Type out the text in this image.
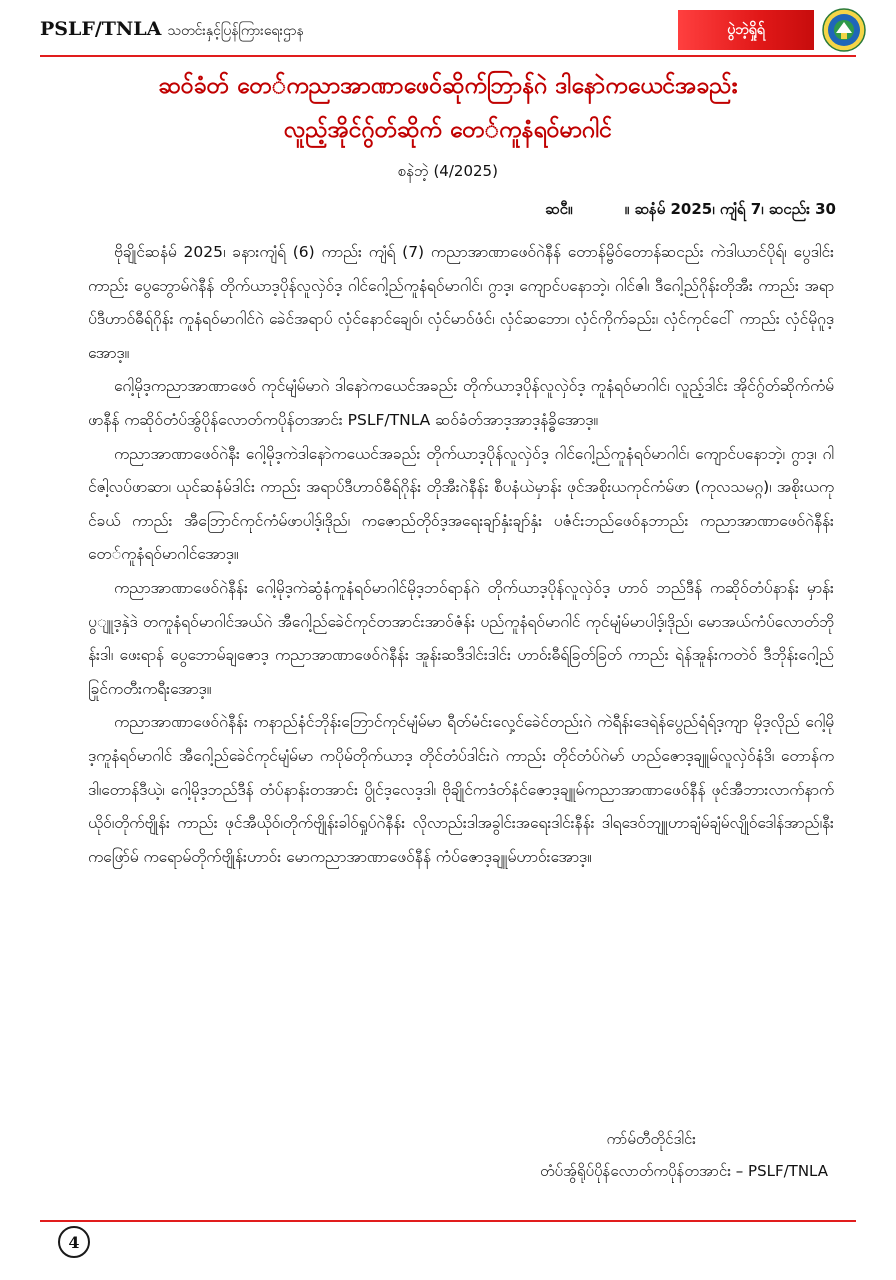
PSLF/TNLA သတင်းနှင့်ပြန်ကြားရေးဌာန	ပွဲဘဲ့ရှိုရ်
ဆဝ်ခံတ် တေ်ကညာအာဏာဖေဝ်ဆိုက်ဘြာန်ဂဲ ဒါနောဲကယေင်အခည်း
လူည့်အိုင်ဂွ်တ်ဆိုက် တေ်ကူနံရဝ်မာဂါင်
စနဲဘဲ့ (4/2025)
ဆငီ။          ။ ဆနံမ် 2025၊ ကျံရ် 7၊ ဆငည်း 30

ဗိုချိုင်ဆနံမ် 2025၊ ခနားကျံရ် (6) ကာည်း ကျံရ် (7) ကညာအာဏာဖေဝ်ဂဲနီန် တောန်မ္ဗိဝ်တောန်ဆငည်း ကဲဒါယာင်ပိုရ်၊ ပွေဒါင်း ကာည်း ပွေဘွောမ်ဂဲနီန် တိုက်ယာဒ့ပိုန်လူလှဲဝ်ဒ့ ဂါင်ဂေါ့ည်ကူနံရဝ်မာဂါင်၊ ဂွာဒ့၊ ကျောင်ပနောဘဲ့၊ ဂါင်ဇါ၊ ဒီဂေါ့ည်ဂိုန်းတိုအီး ကာည်း အရာပ်ဒီဟာဝ်ဓီရ်ဂိုန်း ကူနံရဝ်မာဂါင်ဂဲ ခေဲင်အရာပ် လှံင်နောင်ချေဝ်၊ လှံင်မာဝ်ဖံင်၊ လှံင်ဆဘော၊ လှံင်ကိုက်ခည်း၊ လှံင်ကုင်ငေါ် ကာည်း လှံင်မိုဂူဒ့အောဒ့။

ဂေါ့မိုဒ့ကညာအာဏာဖေဝ် ကုင်မျံမ်မာဂဲ ဒါနောဲကယေင်အခည်း တိုက်ယာဒ့ပိုန်လူလှဲဝ်ဒ့ ကူနံရဝ်မာဂါင်၊ လူည့်ဒါင်း အိုင်ဂွ်တ်ဆိုက်ကံမ်ဖာနီန် ကဆိုဝ်တံပ်အွ်ပိုန်လောတ်ကပိုန်တအာင်း PSLF/TNLA ဆဝ်ခံတ်အာဒ့အာဒ့နံခ္ဓိအောဒ့။

ကညာအာဏာဖေဝ်ဂဲနီး ဂေါ့မိုဒ့ကဲဒါနောဲကယေင်အခည်း တိုက်ယာဒ့ပိုန်လူလှဲဝ်ဒ့ ဂါင်ဂေါ့ည်ကူနံရဝ်မာဂါင်၊ ကျောင်ပနောဘဲ့၊ ဂွာဒ့၊ ဂါင်ဇါ့လပ်ဖာဆာ၊ ယုင်ဆနံမ်ဒါင်း ကာည်း အရာပ်ဒီဟာဝ်ဓီရ်ဂိုန်း တိုအီးဂဲနီန်း စီပနံယဲမှာန်း ဖုင်အစိုးယကုင်ကံမ်ဖာ (ကုလသမဂ္ဂ)၊ အစိုးယကုင်ခယ် ကာည်း အီဘြောင်ကုင်ကံမ်ဖာပါဒ့်၊ဒိုည်၊ ကဇောည်တိုဝ်ဒ့အရေးချာ်နှံးချာ်နှံး ပဇံင်းဘည်ဖေဝ်နဘာည်း ကညာအာဏာဖေဝ်ဂဲနီန်း တေ်ကူနံရဝ်မာဂါင်အောဒ့။

ကညာအာဏာဖေဝ်ဂဲနီန်း ဂေါ့မိုဒ့ကဲဆွံနံကူနံရဝ်မာဂါင်မိုဒ့ဘဝ်ရာန်ဂဲ တိုက်ယာဒ့ပိုန်လူလှဲဝ်ဒ့ ဟာဝ် ဘည်ဒီန် ကဆိုဝ်တံပ်နာန်း မှာန်းပွျူဒ့နှဲဒဲ တကူနံရဝ်မာဂါင်အယ်ဂဲ အီဂေါ့ည်ခေဲင်ကုင်တအာင်းအာဝ်ဇံန်း ပည်ကူနံရဝ်မာဂါင် ကုင်မျံမ်မာပါဒ့်၊ဒိုည်၊ မောအယ်ကံပ်လောတ်ဘိုန်းဒါ၊ ဖေးရာန် ပွေဘောမ်ချဇောဒ့ ကညာအာဏာဖေဝ်ဂဲနီန်း အူန်းဆဒီဒါင်းဒါင်း ဟာဝ်းဓီရ်ခြတ်ခြတ် ကာည်း ရဲန်အူန်းကတဲဝ် ဒီဘိုန်းဂေါ့ည်ခြုင်ကတီးကရီးအောဒ့။

ကညာအာဏာဖေဝ်ဂဲနီန်း ကနာည်နံင်ဘိုန်းဘြောင်ကုင်မျံမ်မာ ရီတ်မံင်းလှေ့င်ခေဲင်တည်းဂဲ ကဲရီန်းဒေရဲန်ပွေည်ရံရ်ဒ့ကျာ မိုဒ့လိုည် ဂေါ့မိုဒ့ကူနံရဝ်မာဂါင် အီဂေါ့ည်ခေဲင်ကုင်မျံမ်မာ ကပိုမ်တိုက်ယာဒ့ တိုင်တံပ်ဒါင်းဂဲ ကာည်း တိုင်တံပ်ဂဲမာ် ဟည်ဇောဒ့ချူမ်လူလှဲဝ်နံဒိ၊ တောန်ကဒါ၊တောန်ဒီယဲ့၊ ဂေါ့မိုဒ့ဘည်ဒီန် တံပ်နာန်းတအာင်း ပွိုင်ဒ့လေဒ့ဒါ၊ ဗိုချိုင်ကဒံတ်နံင်ဇောဒ့ချူမ်ကညာအာဏာဖေဝ်နီန် ဖုင်အီဘားလာက်နာက်ယိုဝ်၊တိုက်ဗျိုန်း ကာည်း ဖုင်အီယိုဝ်၊တိုက်ဗျိုန်းခါဝ်ရှုပ်ဂဲနီန်း လိုလာည်းဒါအခွါင်းအရေးဒါင်းနီန်း ဒါရဒေဝ်ဘျူဟာချံမ်ချံမ်လျိုဝ်ဒေါန်အာည်၊နီး ကဖြော်မ် ကရောမ်တိုက်ဗျိုန်းဟာဝ်း မောကညာအာဏာဖေဝ်နီန် ကံပ်ဇောဒ့ချူမ်ဟာဝ်းအောဒ့။

ကာ်မ်တီတိုင်ဒါင်း
တံပ်အွ်ရိုပ်ပိုန်လောတ်ကပိုန်တအာင်း – PSLF/TNLA
4
